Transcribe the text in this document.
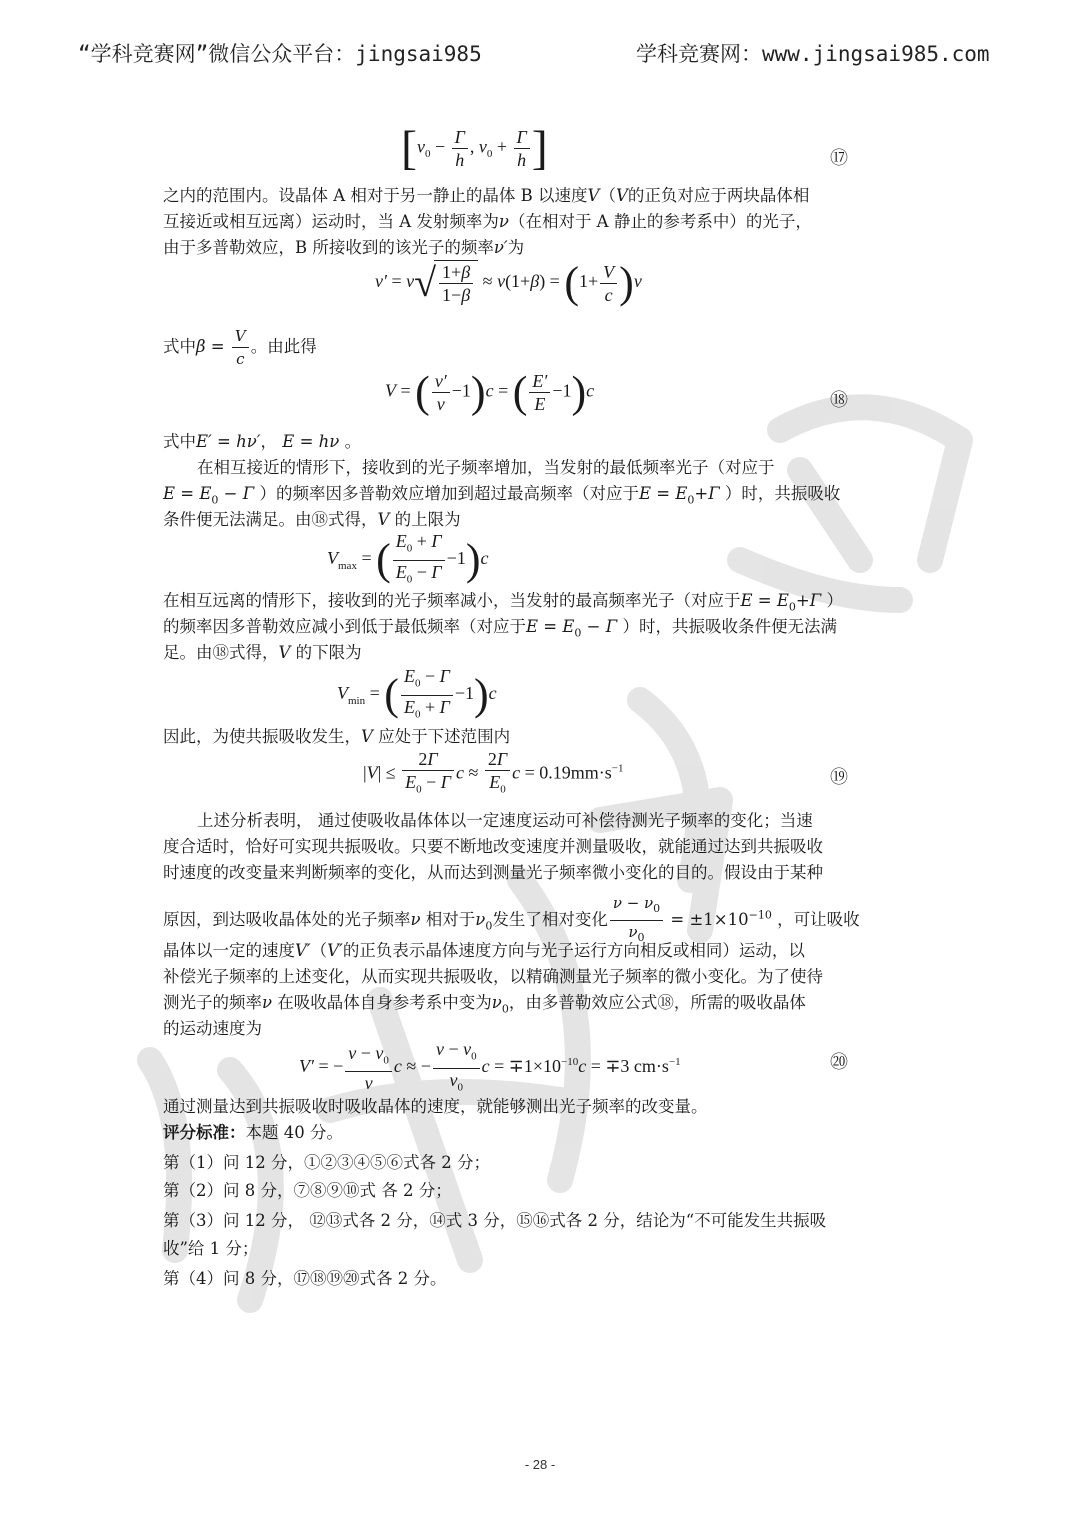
“学科竞赛网”微信公众平台：jingsai985	学科竞赛网：www.jingsai985.com
[$\nu_0 - \frac{\Gamma}{h}$ , $\nu_0 + \frac{\Gamma}{h}$ ]	⑰
之内的范围内。设晶体 A 相对于另一静止的晶体 B 以速度V（V的正负对应于两块晶体相
互接近或相互远离）运动时，当 A 发射频率为ν（在相对于 A 静止的参考系中）的光子，
由于多普勒效应，B 所接收到的该光子的频率ν′为
$\nu' = \nu√ \frac{1+\beta}{1-\beta} \approx \nu(1+\beta) = (1+ \frac{V}{c} )\nu$
式中$\beta = \frac{V}{c}$ 。由此得
V = ( $\frac{\nu'}{\nu} -1)c$ = ( $\frac{E'}{E} -1)c$	⑱
式中E′ = hν′， E = hν 。
在相互接近的情形下，接收到的光子频率增加，当发射的最低频率光子（对应于
$E = E_0 - \Gamma$ ）的频率因多普勒效应增加到超过最高频率（对应于$E = E_0+\Gamma$ ）时，共振吸收
条件便无法满足。由⑱式得，V 的上限为
$V_{max}$ = ( $\frac{E_0 + \Gamma}{E_0 - \Gamma} -1)c$
在相互远离的情形下，接收到的光子频率减小，当发射的最高频率光子（对应于$E = E_0+\Gamma$ ）
的频率因多普勒效应减小到低于最低频率（对应于$E = E_0 - \Gamma$ ）时，共振吸收条件便无法满
足。由⑱式得，V 的下限为
$V_{min}$ = ( $\frac{E_0 - \Gamma}{E_0 + \Gamma} -1)c$
因此，为使共振吸收发生，V 应处于下述范围内
$|V| \le \frac{2\Gamma}{E_0 - \Gamma}$ $c \approx \frac{2\Gamma}{E_0}$ $c = 0.19mm\cdot s^{-1}$	⑲
上述分析表明， 通过使吸收晶体体以一定速度运动可补偿待测光子频率的变化；当速
度合适时，恰好可实现共振吸收。只要不断地改变速度并测量吸收，就能通过达到共振吸收
时速度的改变量来判断频率的变化，从而达到测量光子频率微小变化的目的。假设由于某种
原因，到达吸收晶体处的光子频率ν 相对于$\nu_0$发生了相对变化 $\frac{\nu - \nu_0}{\nu_0} = \pm 1\times 10^{-10}$ ，可让吸收
晶体以一定的速度V′（V′的正负表示晶体速度方向与光子运行方向相反或相同）运动，以
补偿光子频率的上述变化，从而实现共振吸收，以精确测量光子频率的微小变化。为了使待
测光子的频率ν 在吸收晶体自身参考系中变为$\nu_0$，由多普勒效应公式⑱，所需的吸收晶体
的运动速度为
V′ = − $\frac{\nu - \nu_0}{\nu}$ c ≈ − $\frac{\nu - \nu_0}{\nu_0}$ $c = \mp 1\times 10^{-10}c = \mp 3$ $cm\cdot s^{-1}$	⑳
通过测量达到共振吸收时吸收晶体的速度，就能够测出光子频率的改变量。
评分标准：本题 40 分。
第（1）问 12 分，①②③④⑤⑥式各 2 分；
第（2）问 8 分，⑦⑧⑨⑩式 各 2 分；
第（3）问 12 分， ⑫⑬式各 2 分，⑭式 3 分，⑮⑯式各 2 分，结论为“不可能发生共振吸
收”给 1 分；
第（4）问 8 分，⑰⑱⑲⑳式各 2 分。
- 28 -
